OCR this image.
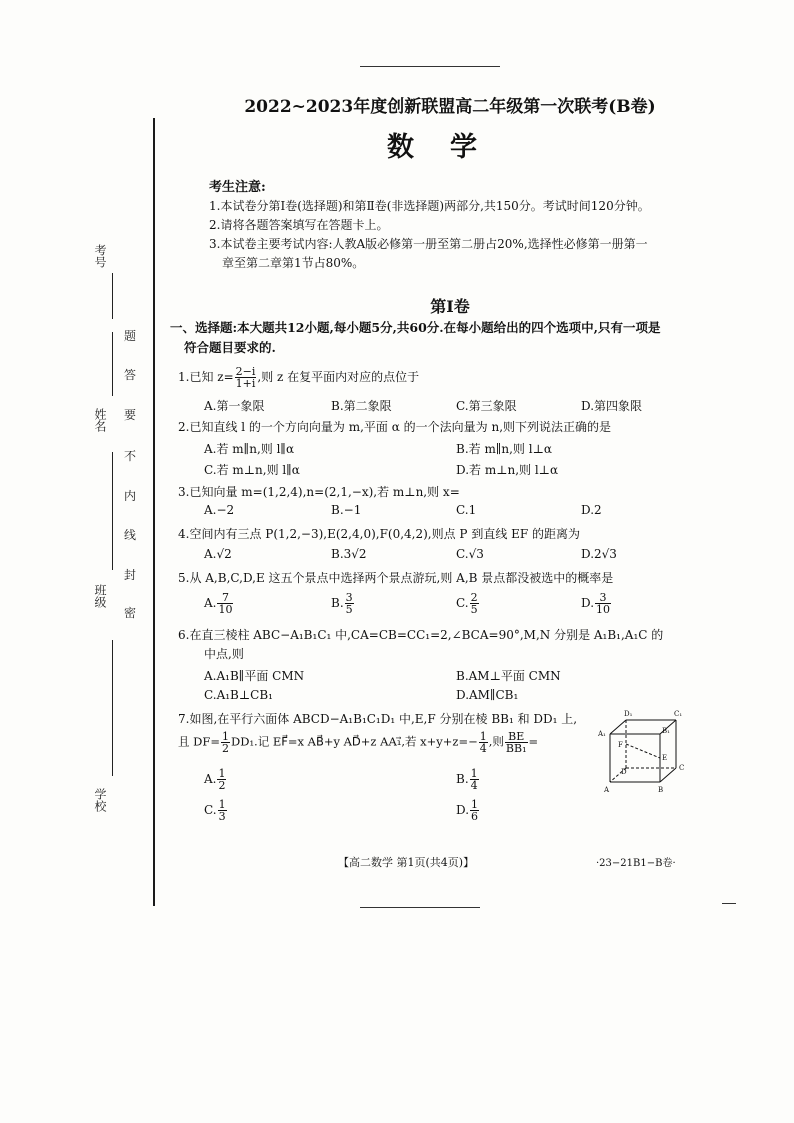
考号
姓名
班级
学校
题
答
要
不
内
线
封
密
2022~2023年度创新联盟高二年级第一次联考(B卷)
数学
考生注意:
1.本试卷分第Ⅰ卷(选择题)和第Ⅱ卷(非选择题)两部分,共150分。考试时间120分钟。
2.请将各题答案填写在答题卡上。
3.本试卷主要考试内容:人教A版必修第一册至第二册占20%,选择性必修第一册第一
章至第二章第1节占80%。
第Ⅰ卷
一、选择题:本大题共12小题,每小题5分,共60分.在每小题给出的四个选项中,只有一项是
符合题目要求的.
1.已知 $z= \frac{2-i}{1+i}$ ,则 z 在复平面内对应的点位于
A.第一象限	B.第二象限	C.第三象限	D.第四象限
2.已知直线 l 的一个方向向量为 m,平面 α 的一个法向量为 n,则下列说法正确的是
A.若 m∥n,则 l∥α	B.若 m∥n,则 l⊥α
C.若 m⊥n,则 l∥α	D.若 m⊥n,则 l⊥α
3.已知向量 m=(1,2,4),n=(2,1,−x),若 m⊥n,则 x=
A.−2	B.−1	C.1	D.2
4.空间内有三点 P(1,2,−3),E(2,4,0),F(0,4,2),则点 P 到直线 EF 的距离为
A.√2	B.3√2	C.√3	D.2√3
5.从 A,B,C,D,E 这五个景点中选择两个景点游玩,则 A,B 景点都没被选中的概率是
A. $\frac{7}{10}$	B. $\frac{3}{5}$	C. $\frac{2}{5}$	D. $\frac{3}{10}$
6.在直三棱柱 ABC−A₁B₁C₁ 中,CA=CB=CC₁=2,∠BCA=90°,M,N 分别是 A₁B₁,A₁C 的
中点,则
A.A₁B∥平面 CMN	B.AM⊥平面 CMN
C.A₁B⊥CB₁	D.AM∥CB₁
7.如图,在平行六面体 ABCD−A₁B₁C₁D₁ 中,E,F 分别在棱 BB₁ 和 DD₁ 上,
且 $DF= \frac{1}{2} DD_1$.记 EF⃗=x AB⃗+y AD⃗+z AA₁⃗,若 $x+y+z=- \frac{1}{4}$ ,则 $\frac{BE}{\text{BB₁}}$ =
A. $\frac{1}{2}$	B. $\frac{1}{4}$
C. $\frac{1}{3}$	D. $\frac{1}{6}$
D₁	C₁
A₁	B₁
F
E
D	C
A	B
【高二数学 第1页(共4页)】	·23−21B1−B卷·
